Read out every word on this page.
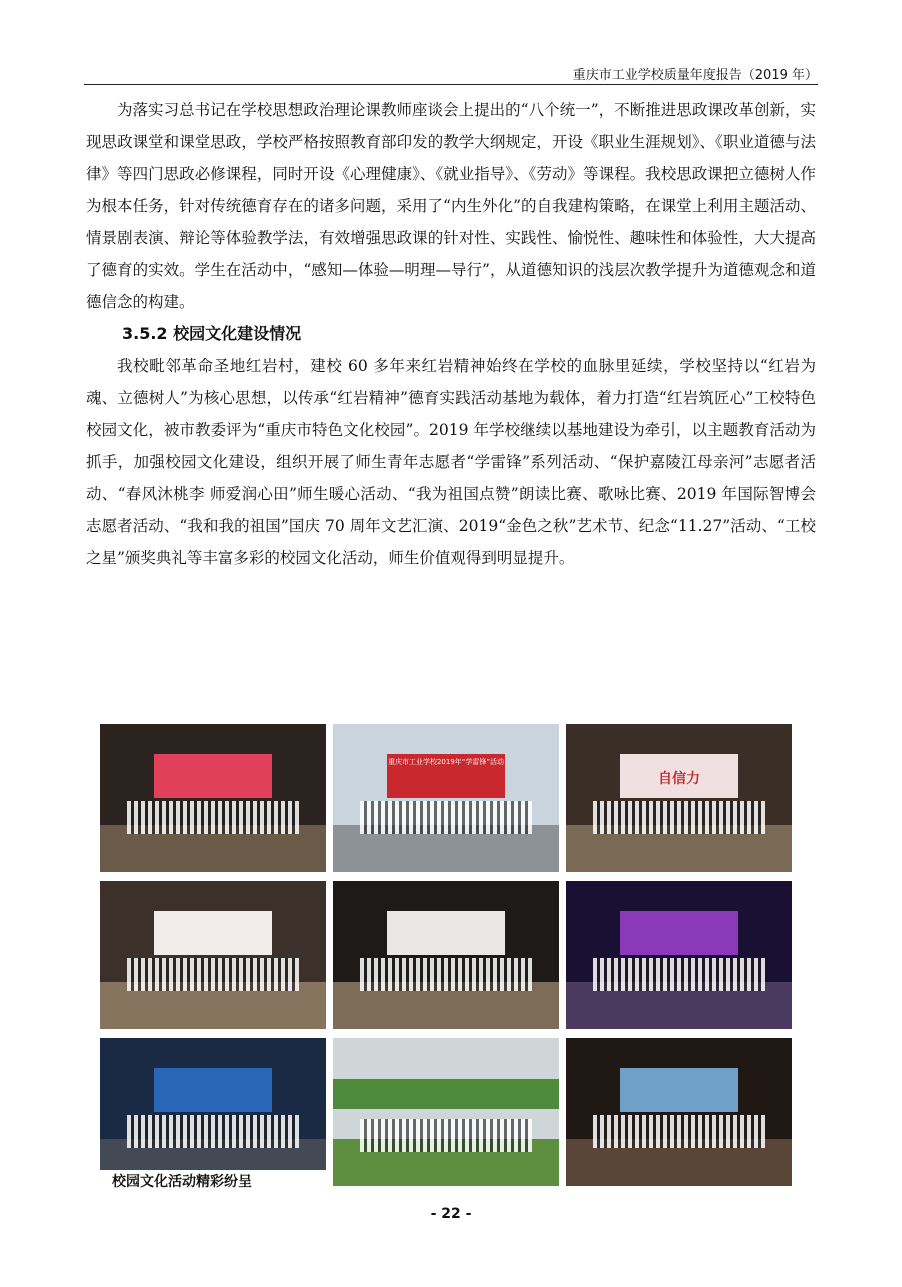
重庆市工业学校质量年度报告（2019 年）

为落实习总书记在学校思想政治理论课教师座谈会上提出的“八个统一”，不断推进思政课改革创新，实现思政课堂和课堂思政，学校严格按照教育部印发的教学大纲规定，开设《职业生涯规划》、《职业道德与法律》等四门思政必修课程，同时开设《心理健康》、《就业指导》、《劳动》等课程。我校思政课把立德树人作为根本任务，针对传统德育存在的诸多问题，采用了“内生外化”的自我建构策略，在课堂上利用主题活动、情景剧表演、辩论等体验教学法，有效增强思政课的针对性、实践性、愉悦性、趣味性和体验性，大大提高了德育的实效。学生在活动中，“感知—体验—明理—导行”，从道德知识的浅层次教学提升为道德观念和道德信念的构建。

3.5.2 校园文化建设情况

我校毗邻革命圣地红岩村，建校 60 多年来红岩精神始终在学校的血脉里延续，学校坚持以“红岩为魂、立德树人”为核心思想，以传承“红岩精神”德育实践活动基地为载体，着力打造“红岩筑匠心”工校特色校园文化，被市教委评为“重庆市特色文化校园”。2019 年学校继续以基地建设为牵引，以主题教育活动为抓手，加强校园文化建设，组织开展了师生青年志愿者“学雷锋”系列活动、“保护嘉陵江母亲河”志愿者活动、“春风沐桃李 师爱润心田”师生暖心活动、“我为祖国点赞”朗读比赛、歌咏比赛、2019 年国际智博会志愿者活动、“我和我的祖国”国庆 70 周年文艺汇演、2019“金色之秋”艺术节、纪念“11.27”活动、“工校之星”颁奖典礼等丰富多彩的校园文化活动，师生价值观得到明显提升。

重庆市工业学校2019年“学雷锋”活动
自信力
校园文化活动精彩纷呈
- 22 -
